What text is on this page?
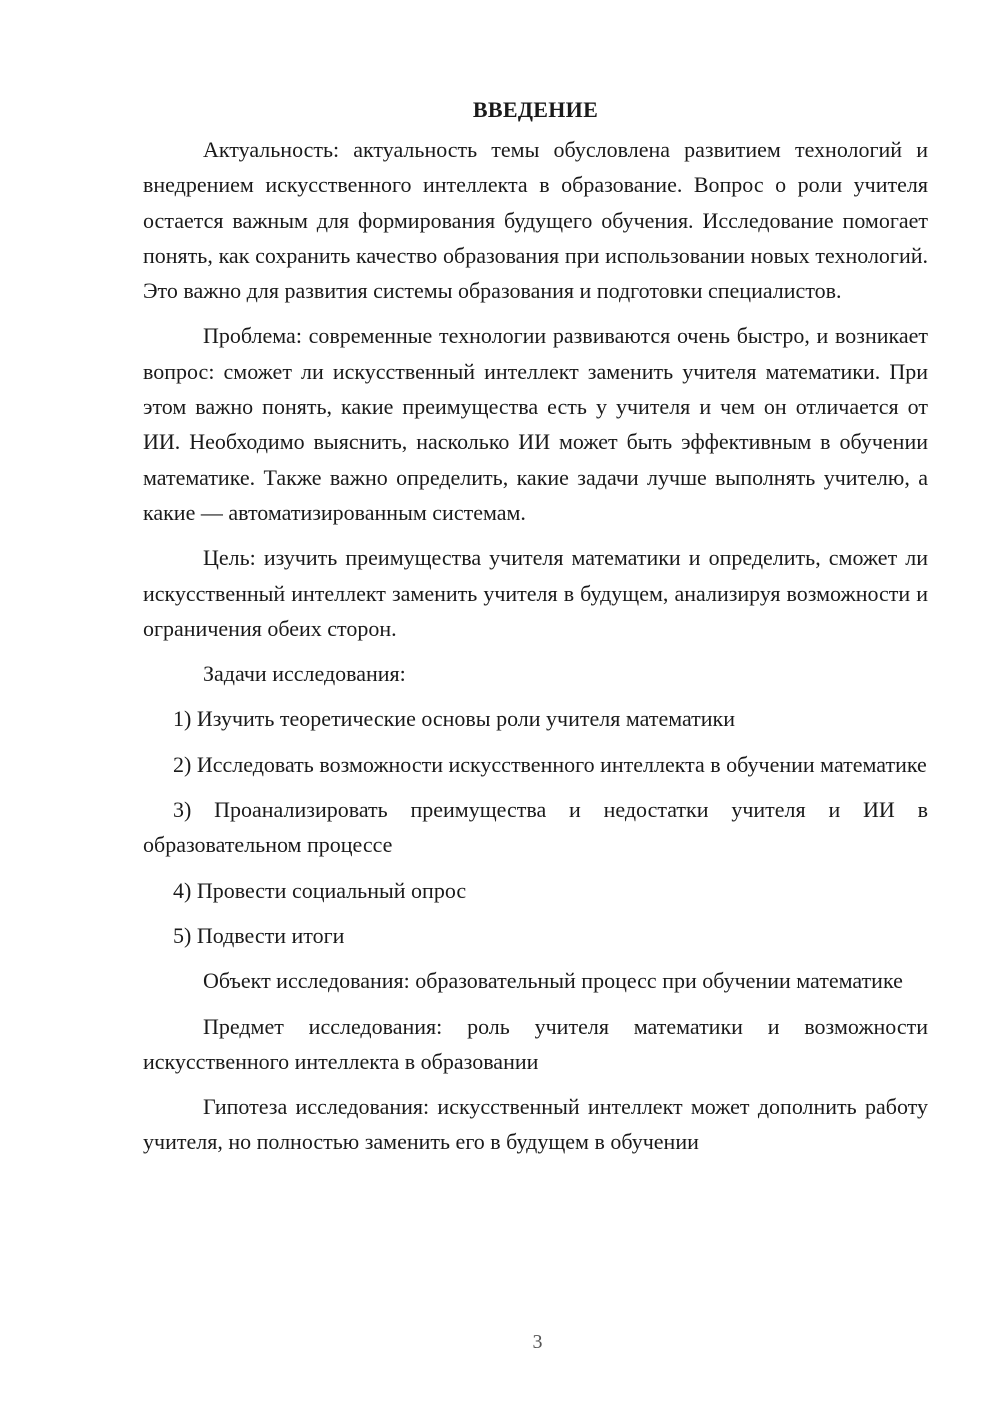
ВВЕДЕНИЕ

Актуальность: актуальность темы обусловлена развитием технологий и внедрением искусственного интеллекта в образование. Вопрос о роли учителя остается важным для формирования будущего обучения. Исследование помогает понять, как сохранить качество образования при использовании новых технологий. Это важно для развития системы образования и подготовки специалистов.

Проблема: современные технологии развиваются очень быстро, и возникает вопрос: сможет ли искусственный интеллект заменить учителя математики. При этом важно понять, какие преимущества есть у учителя и чем он отличается от ИИ. Необходимо выяснить, насколько ИИ может быть эффективным в обучении математике. Также важно определить, какие задачи лучше выполнять учителю, а какие — автоматизированным системам.

Цель: изучить преимущества учителя математики и определить, сможет ли искусственный интеллект заменить учителя в будущем, анализируя возможности и ограничения обеих сторон.

Задачи исследования:

1) Изучить теоретические основы роли учителя математики

2) Исследовать возможности искусственного интеллекта в обучении математике

3) Проанализировать преимущества и недостатки учителя и ИИ в образовательном процессе

4) Провести социальный опрос

5) Подвести итоги

Объект исследования: образовательный процесс при обучении математике

Предмет исследования: роль учителя математики и возможности искусственного интеллекта в образовании

Гипотеза исследования: искусственный интеллект может дополнить работу учителя, но полностью заменить его в будущем в обучении

3
